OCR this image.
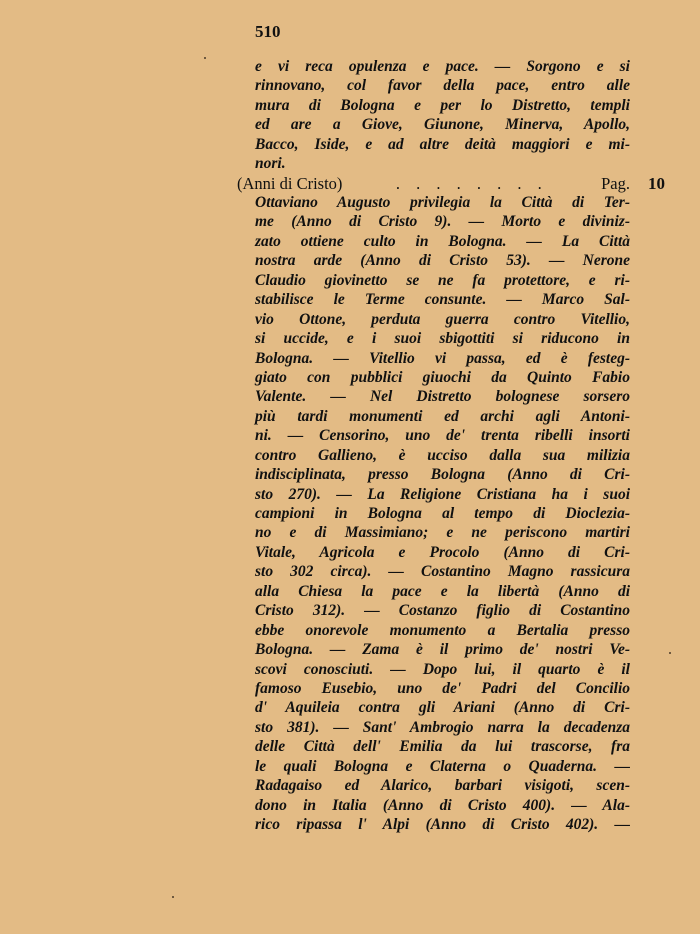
510
e vi reca opulenza e pace. — Sorgono e si
rinnovano, col favor della pace, entro alle
mura di Bologna e per lo Distretto, templi
ed are a Giove, Giunone, Minerva, Apollo,
Bacco, Iside, e ad altre deità maggiori e mi-
nori.
(Anni di Cristo)	. . . . . . . .	Pag. 10
Ottaviano Augusto privilegia la Città di Ter-
me (Anno di Cristo 9). — Morto e diviniz-
zato ottiene culto in Bologna. — La Città
nostra arde (Anno di Cristo 53). — Nerone
Claudio giovinetto se ne fa protettore, e ri-
stabilisce le Terme consunte. — Marco Sal-
vio Ottone, perduta guerra contro Vitellio,
si uccide, e i suoi sbigottiti si riducono in
Bologna. — Vitellio vi passa, ed è festeg-
giato con pubblici giuochi da Quinto Fabio
Valente. — Nel Distretto bolognese sorsero
più tardi monumenti ed archi agli Antoni-
ni. — Censorino, uno de' trenta ribelli insorti
contro Gallieno, è ucciso dalla sua milizia
indisciplinata, presso Bologna (Anno di Cri-
sto 270). — La Religione Cristiana ha i suoi
campioni in Bologna al tempo di Dioclezia-
no e di Massimiano; e ne periscono martiri
Vitale, Agricola e Procolo (Anno di Cri-
sto 302 circa). — Costantino Magno rassicura
alla Chiesa la pace e la libertà (Anno di
Cristo 312). — Costanzo figlio di Costantino
ebbe onorevole monumento a Bertalia presso
Bologna. — Zama è il primo de' nostri Ve-
scovi conosciuti. — Dopo lui, il quarto è il
famoso Eusebio, uno de' Padri del Concilio
d' Aquileia contra gli Ariani (Anno di Cri-
sto 381). — Sant' Ambrogio narra la decadenza
delle Città dell' Emilia da lui trascorse, fra
le quali Bologna e Claterna o Quaderna. —
Radagaiso ed Alarico, barbari visigoti, scen-
dono in Italia (Anno di Cristo 400). — Ala-
rico ripassa l' Alpi (Anno di Cristo 402). —
